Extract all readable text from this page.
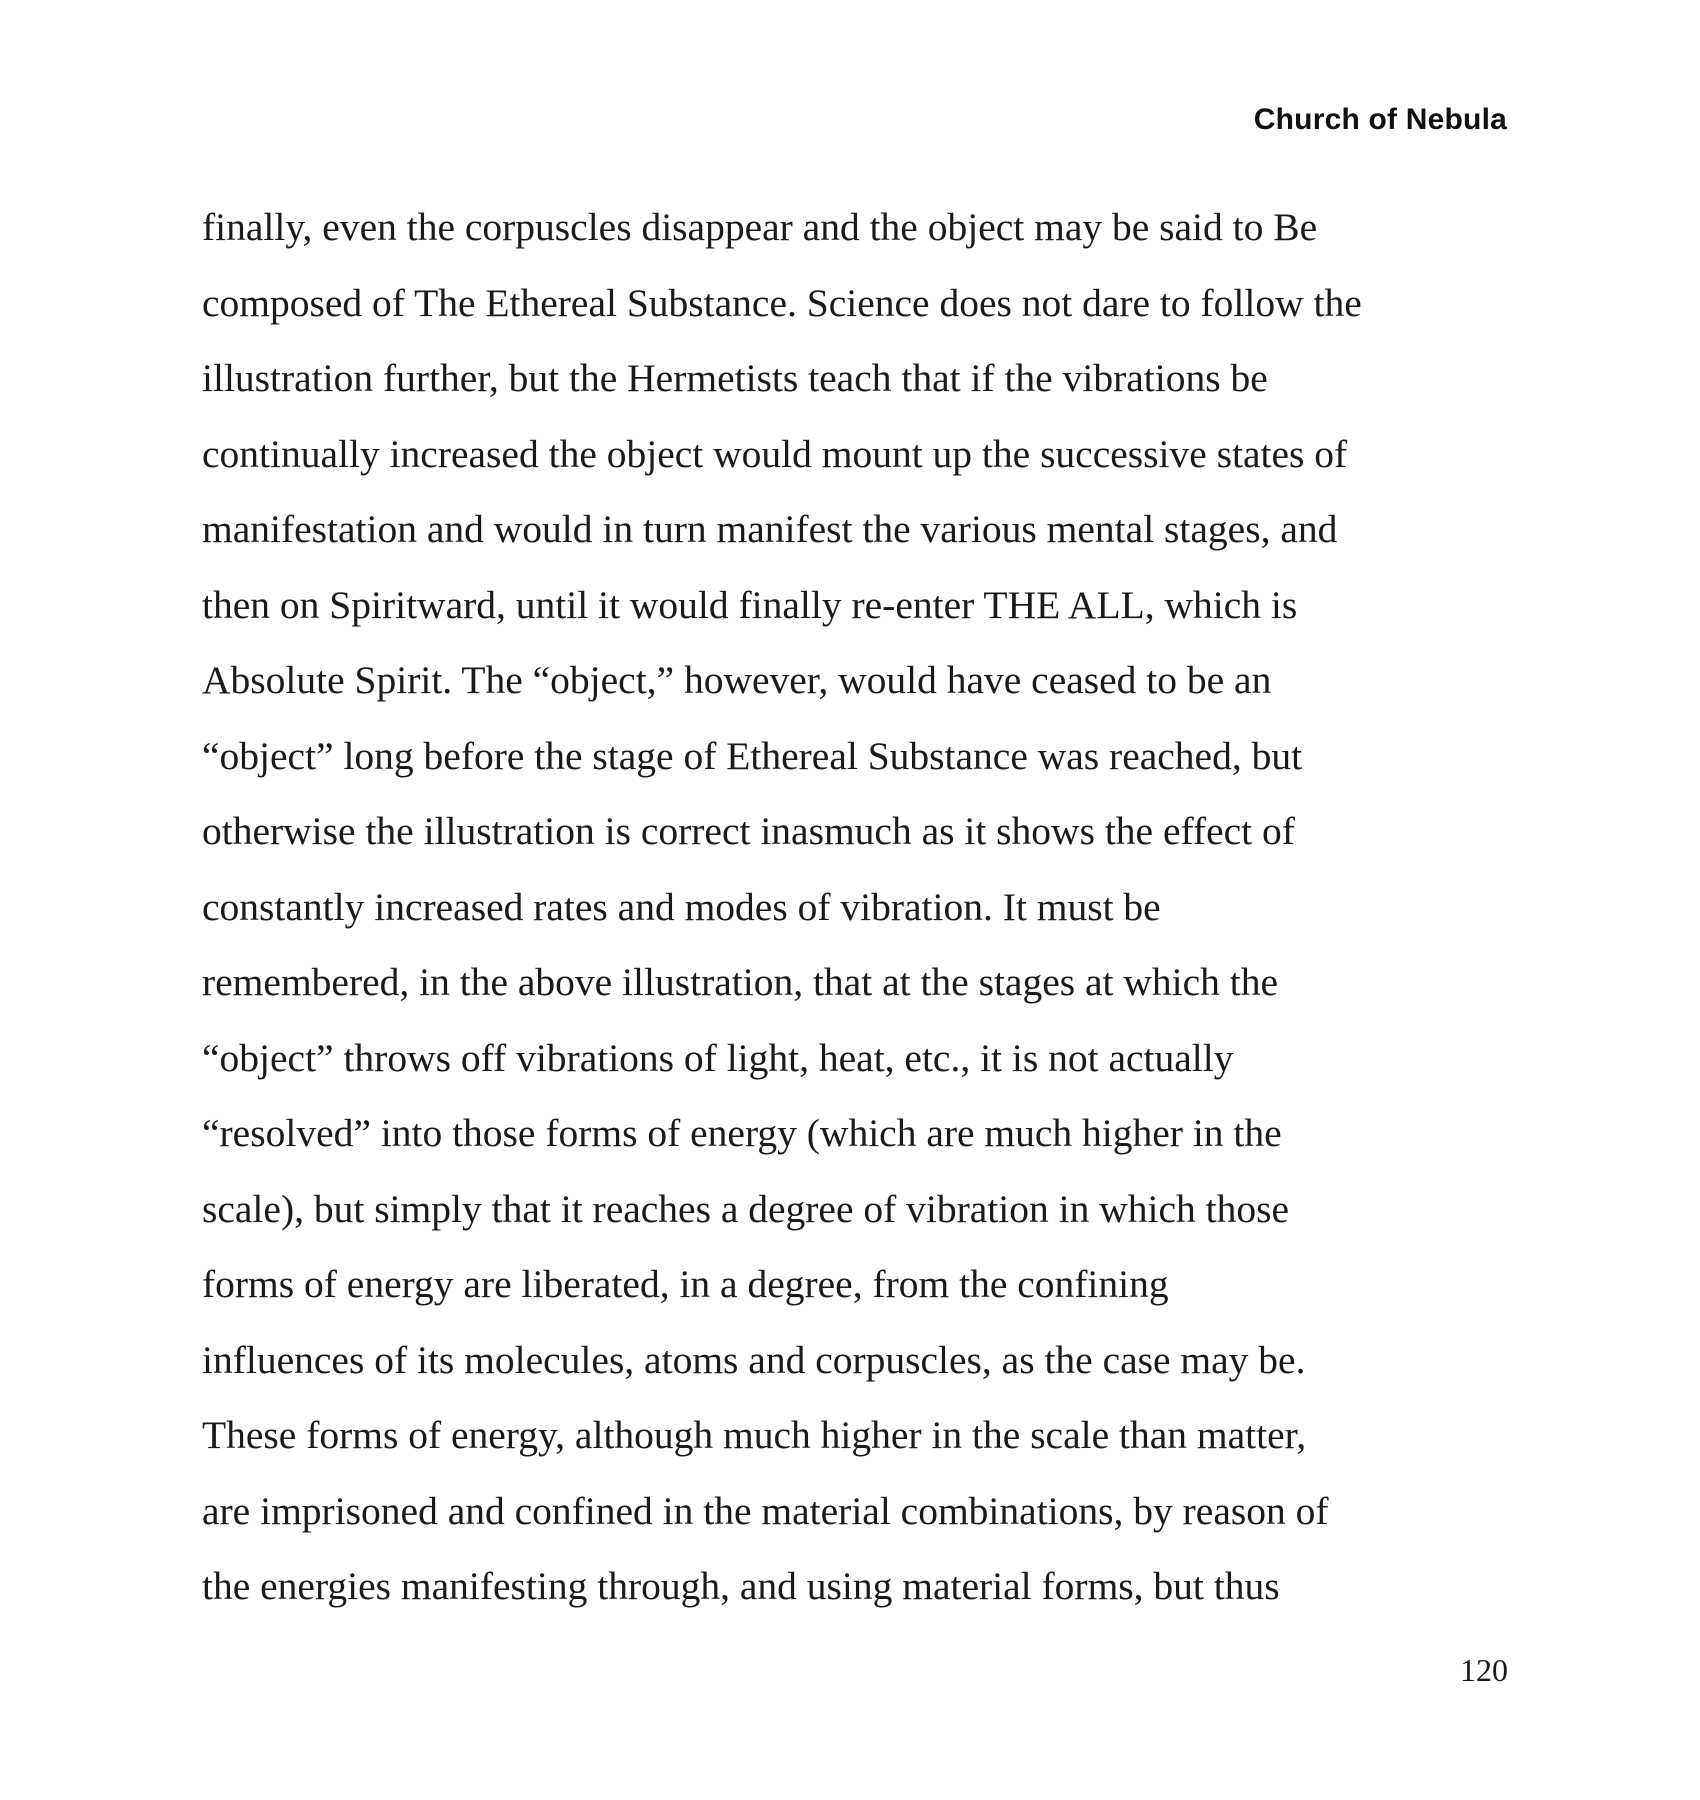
Church of Nebula
finally, even the corpuscles disappear and the object may be said to Be
composed of The Ethereal Substance. Science does not dare to follow the
illustration further, but the Hermetists teach that if the vibrations be
continually increased the object would mount up the successive states of
manifestation and would in turn manifest the various mental stages, and
then on Spiritward, until it would finally re-enter THE ALL, which is
Absolute Spirit. The “object,” however, would have ceased to be an
“object” long before the stage of Ethereal Substance was reached, but
otherwise the illustration is correct inasmuch as it shows the effect of
constantly increased rates and modes of vibration. It must be
remembered, in the above illustration, that at the stages at which the
“object” throws off vibrations of light, heat, etc., it is not actually
“resolved” into those forms of energy (which are much higher in the
scale), but simply that it reaches a degree of vibration in which those
forms of energy are liberated, in a degree, from the confining
influences of its molecules, atoms and corpuscles, as the case may be.
These forms of energy, although much higher in the scale than matter,
are imprisoned and confined in the material combinations, by reason of
the energies manifesting through, and using material forms, but thus
120
